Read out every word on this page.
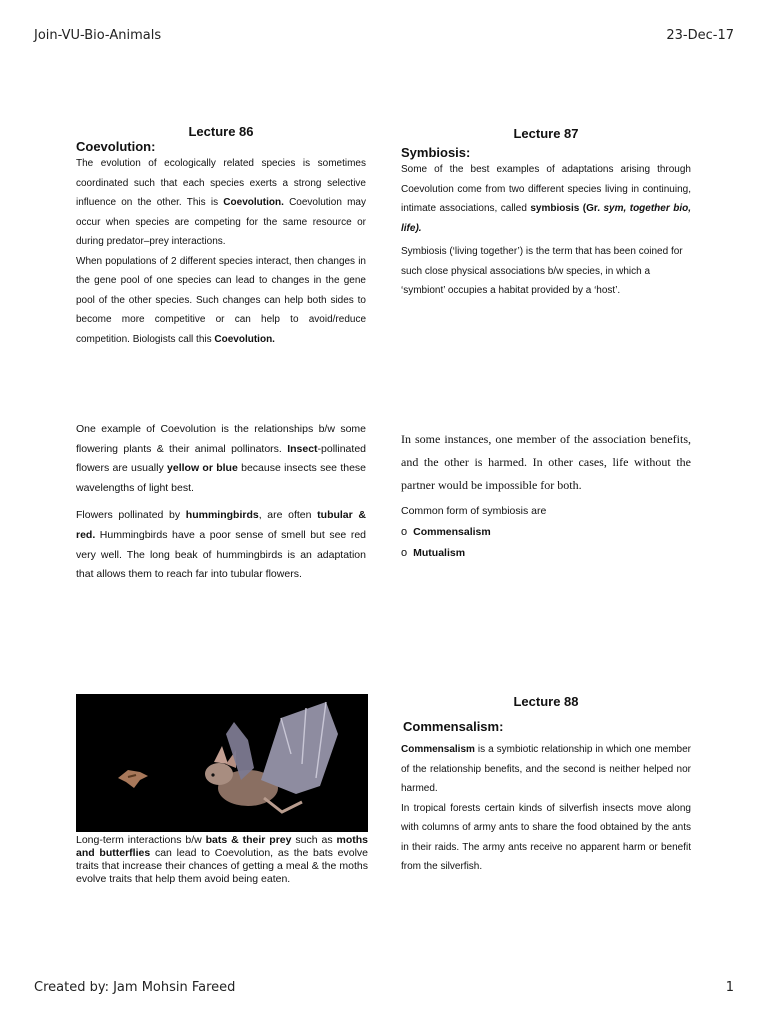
Join-VU-Bio-Animals	23-Dec-17
Lecture 86
Coevolution:

The evolution of ecologically related species is sometimes coordinated such that each species exerts a strong selective influence on the other. This is Coevolution. Coevolution may occur when species are competing for the same resource or during predator–prey interactions.

When populations of 2 different species interact, then changes in the gene pool of one species can lead to changes in the gene pool of the other species. Such changes can help both sides to become more competitive or can help to avoid/reduce competition. Biologists call this Coevolution.

Lecture 87
Symbiosis:

Some of the best examples of adaptations arising through Coevolution come from two different species living in continuing, intimate associations, called symbiosis (Gr. sym, together bio, life).

Symbiosis (‘living together’) is the term that has been coined for such close physical associations b/w species, in which a ‘symbiont’ occupies a habitat provided by a ‘host’.

One example of Coevolution is the relationships b/w some flowering plants & their animal pollinators. Insect-pollinated flowers are usually yellow or blue because insects see these wavelengths of light best.

Flowers pollinated by hummingbirds, are often tubular & red. Hummingbirds have a poor sense of smell but see red very well. The long beak of hummingbirds is an adaptation that allows them to reach far into tubular flowers.

In some instances, one member of the association benefits, and the other is harmed. In other cases, life without the partner would be impossible for both.

Common form of symbiosis are

o Commensalism
o Mutualism

Long-term interactions b/w bats & their prey such as moths and butterflies can lead to Coevolution, as the bats evolve traits that increase their chances of getting a meal & the moths evolve traits that help them avoid being eaten.

Lecture 88
Commensalism:

Commensalism is a symbiotic relationship in which one member of the relationship benefits, and the second is neither helped nor harmed.

In tropical forests certain kinds of silverfish insects move along with columns of army ants to share the food obtained by the ants in their raids. The army ants receive no apparent harm or benefit from the silverfish.

Created by: Jam Mohsin Fareed	1
